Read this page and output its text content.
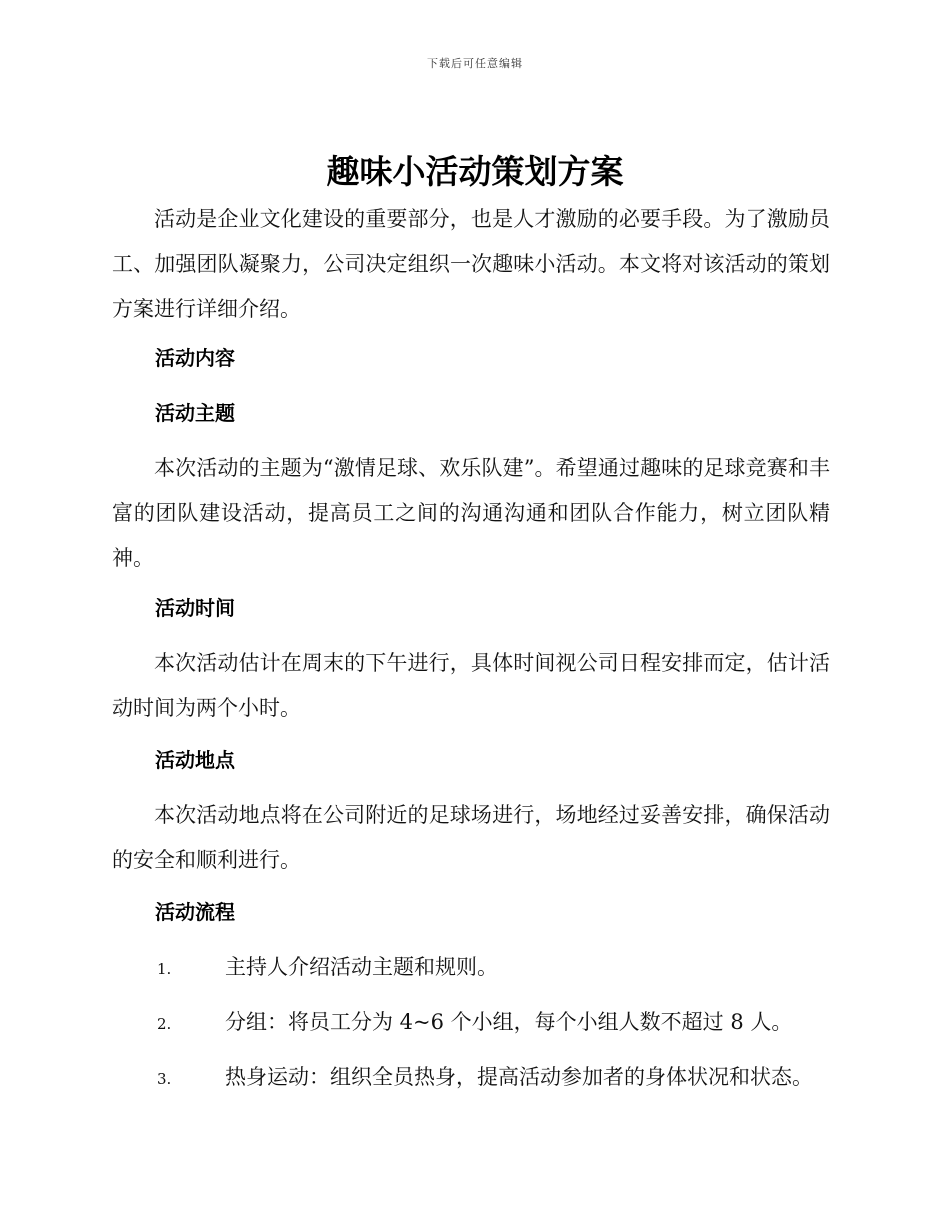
下载后可任意编辑
趣味小活动策划方案

活动是企业文化建设的重要部分，也是人才激励的必要手段。为了激励员工、加强团队凝聚力，公司决定组织一次趣味小活动。本文将对该活动的策划方案进行详细介绍。

活动内容
活动主题

本次活动的主题为“激情足球、欢乐队建”。希望通过趣味的足球竞赛和丰富的团队建设活动，提高员工之间的沟通沟通和团队合作能力，树立团队精神。

活动时间

本次活动估计在周末的下午进行，具体时间视公司日程安排而定，估计活动时间为两个小时。

活动地点

本次活动地点将在公司附近的足球场进行，场地经过妥善安排，确保活动的安全和顺利进行。

活动流程
1.	主持人介绍活动主题和规则。
2.	分组：将员工分为 4~6 个小组，每个小组人数不超过 8 人。
3.	热身运动：组织全员热身，提高活动参加者的身体状况和状态。
